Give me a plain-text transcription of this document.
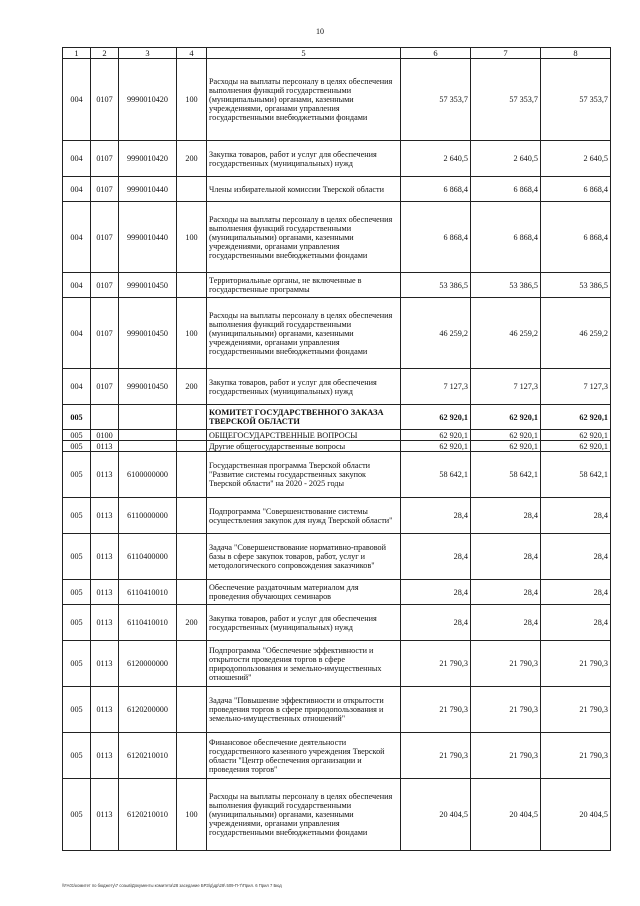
10
1	2	3	4	5	6	7	8
004	0107	9990010420	100	Расходы на выплаты персоналу в целях обеспечения выполнения функций государственными (муниципальными) органами, казенными учреждениями, органами управления государственными внебюджетными фондами	57 353,7	57 353,7	57 353,7
004	0107	9990010420	200	Закупка товаров, работ и услуг для обеспечения государственных (муниципальных) нужд	2 640,5	2 640,5	2 640,5
004	0107	9990010440		Члены избирательной комиссии Тверской области	6 868,4	6 868,4	6 868,4
004	0107	9990010440	100	Расходы на выплаты персоналу в целях обеспечения выполнения функций государственными (муниципальными) органами, казенными учреждениями, органами управления государственными внебюджетными фондами	6 868,4	6 868,4	6 868,4
004	0107	9990010450		Территориальные органы, не включенные в государственные программы	53 386,5	53 386,5	53 386,5
004	0107	9990010450	100	Расходы на выплаты персоналу в целях обеспечения выполнения функций государственными (муниципальными) органами, казенными учреждениями, органами управления государственными внебюджетными фондами	46 259,2	46 259,2	46 259,2
004	0107	9990010450	200	Закупка товаров, работ и услуг для обеспечения государственных (муниципальных) нужд	7 127,3	7 127,3	7 127,3
005				КОМИТЕТ ГОСУДАРСТВЕННОГО ЗАКАЗА ТВЕРСКОЙ ОБЛАСТИ	62 920,1	62 920,1	62 920,1
005	0100			ОБЩЕГОСУДАРСТВЕННЫЕ ВОПРОСЫ	62 920,1	62 920,1	62 920,1
005	0113			Другие общегосударственные вопросы	62 920,1	62 920,1	62 920,1
005	0113	6100000000		Государственная программа Тверской области "Развитие системы государственных закупок Тверской области" на 2020 - 2025 годы	58 642,1	58 642,1	58 642,1
005	0113	6110000000		Подпрограмма "Совершенствование системы осуществления закупок для нужд Тверской области"	28,4	28,4	28,4
005	0113	6110400000		Задача "Совершенствование нормативно-правовой базы в сфере закупок товаров, работ, услуг и методологического сопровождения заказчиков"	28,4	28,4	28,4
005	0113	6110410010		Обеспечение раздаточным материалом для проведения обучающих семинаров	28,4	28,4	28,4
005	0113	6110410010	200	Закупка товаров, работ и услуг для обеспечения государственных (муниципальных) нужд	28,4	28,4	28,4
005	0113	6120000000		Подпрограмма "Обеспечение эффективности и открытости проведения торгов в сфере природопользования и земельно-имущественных отношений"	21 790,3	21 790,3	21 790,3
005	0113	6120200000		Задача "Повышение эффективности и открытости проведения торгов в сфере природопользования и земельно-имущественных отношений"	21 790,3	21 790,3	21 790,3
005	0113	6120210010		Финансовое обеспечение деятельности государственного казенного учреждения Тверской области "Центр обеспечения организации и проведения торгов"	21 790,3	21 790,3	21 790,3
005	0113	6120210010	100	Расходы на выплаты персоналу в целях обеспечения выполнения функций государственными (муниципальными) органами, казенными учреждениями, органами управления государственными внебюджетными фондами	20 404,5	20 404,5	20 404,5
\\FA01\комитет по бюджету\7 созыв\Документы комитета\28 заседание БРЗ\д\др\28\ 509-П-7\Прил. 6 Прил 7 Бюд
